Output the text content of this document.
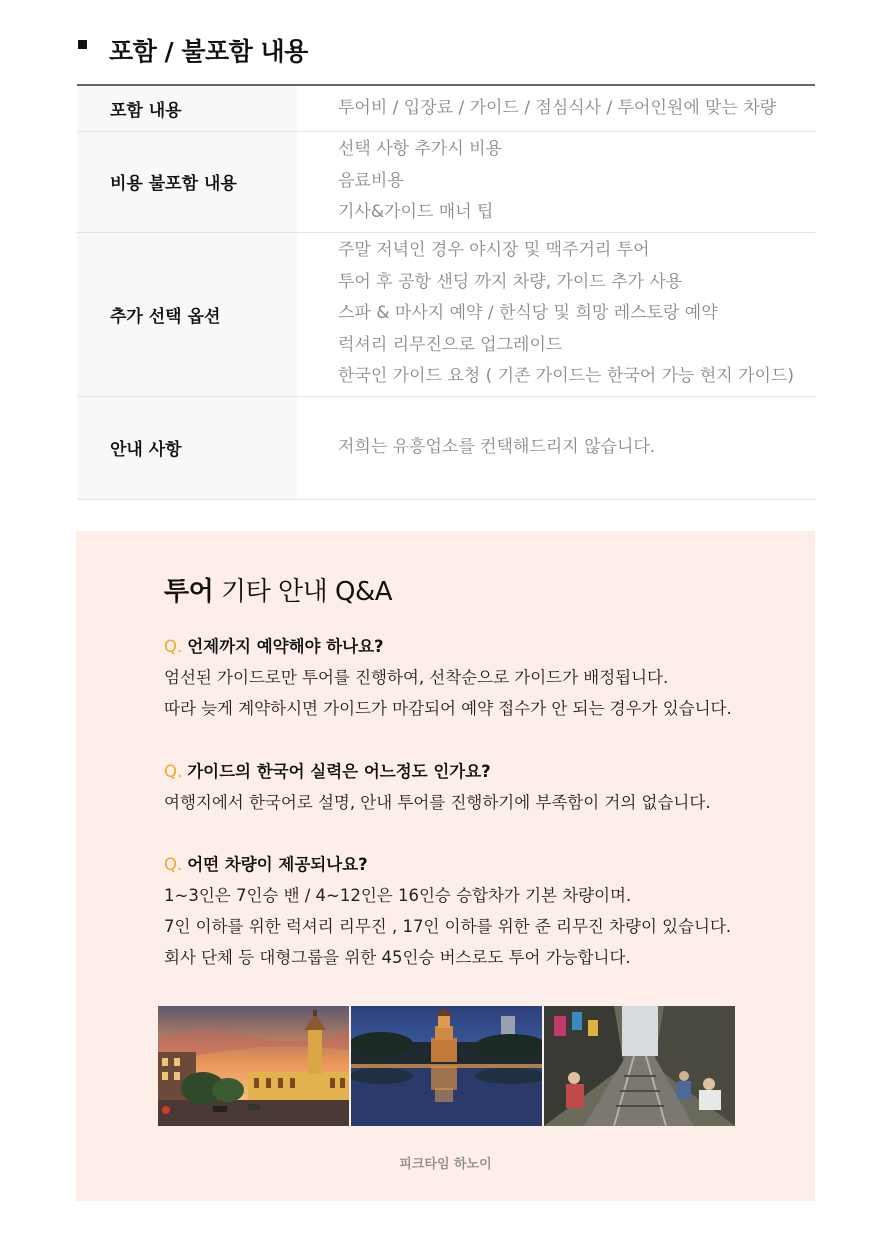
포함 / 불포함 내용
포함 내용	투어비 / 입장료 / 가이드 / 점심식사 / 투어인원에 맞는 차량

비용 불포함 내용	선택 사항 추가시 비용
음료비용
기사&가이드 매너 팁

추가 선택 옵션	주말 저녁인 경우 야시장 및 맥주거리 투어
투어 후 공항 샌딩 까지 차량, 가이드 추가 사용
스파 & 마사지 예약 / 한식당 및 희망 레스토랑 예약
럭셔리 리무진으로 업그레이드
한국인 가이드 요청 ( 기존 가이드는 한국어 가능 현지 가이드)

안내 사항	저희는 유흥업소를 컨택해드리지 않습니다.
투어 기타 안내 Q&A
Q. 언제까지 예약해야 하나요?
엄선된 가이드로만 투어를 진행하여, 선착순으로 가이드가 배정됩니다.
따라 늦게 계약하시면 가이드가 마감되어 예약 접수가 안 되는 경우가 있습니다.
Q. 가이드의 한국어 실력은 어느정도 인가요?
여행지에서 한국어로 설명, 안내 투어를 진행하기에 부족함이 거의 없습니다.
Q. 어떤 차량이 제공되나요?
1~3인은 7인승 밴 / 4~12인은 16인승 승합차가 기본 차량이며.
7인 이하를 위한 럭셔리 리무진 , 17인 이하를 위한 준 리무진 차량이 있습니다.
회사 단체 등 대형그룹을 위한 45인승 버스로도 투어 가능합니다.
피크타임 하노이
